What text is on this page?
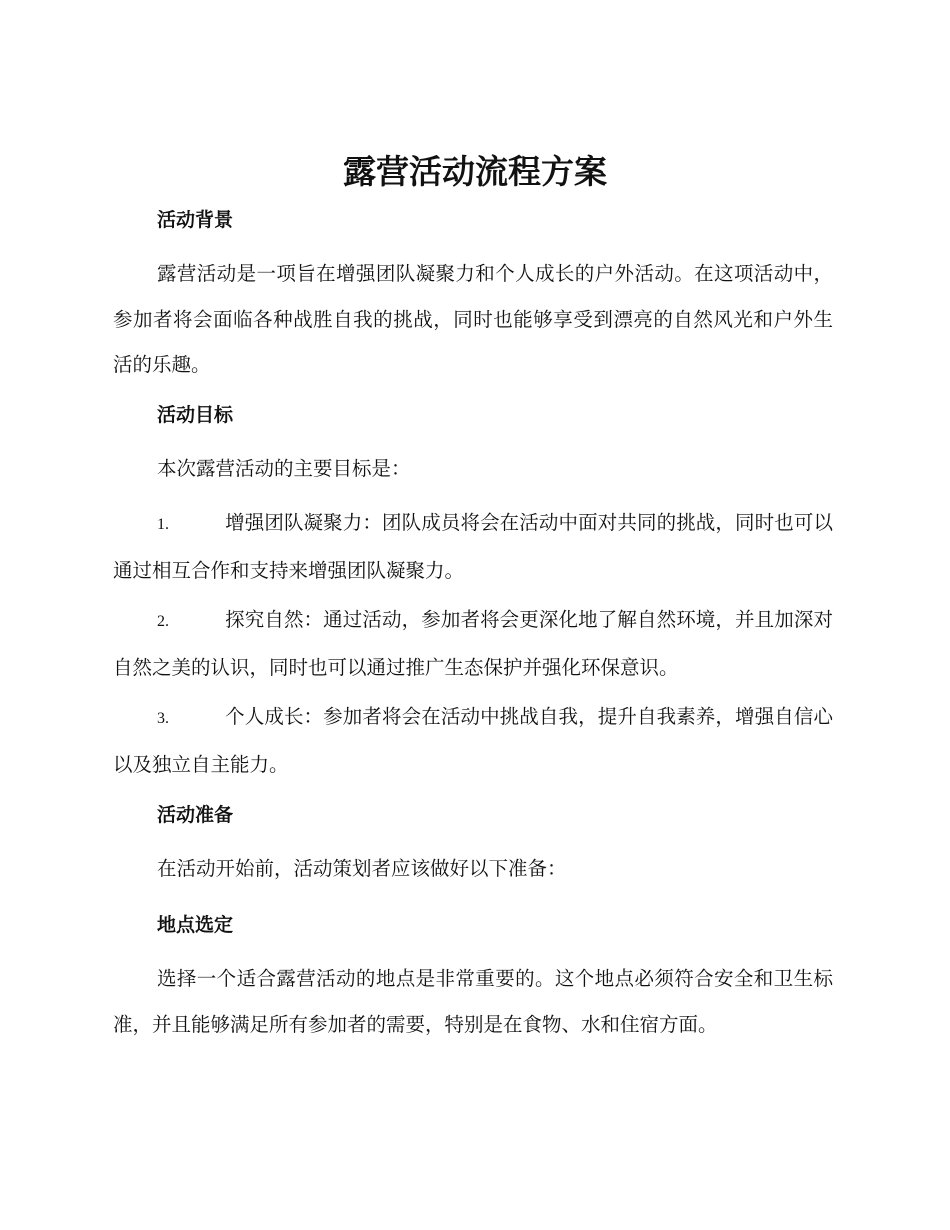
露营活动流程方案
活动背景
露营活动是一项旨在增强团队凝聚力和个人成长的户外活动。在这项活动中，参加者将会面临各种战胜自我的挑战，同时也能够享受到漂亮的自然风光和户外生活的乐趣。
活动目标
本次露营活动的主要目标是：
1.	增强团队凝聚力：团队成员将会在活动中面对共同的挑战，同时也可以通过相互合作和支持来增强团队凝聚力。
2.	探究自然：通过活动，参加者将会更深化地了解自然环境，并且加深对自然之美的认识，同时也可以通过推广生态保护并强化环保意识。
3.	个人成长：参加者将会在活动中挑战自我，提升自我素养，增强自信心以及独立自主能力。
活动准备
在活动开始前，活动策划者应该做好以下准备：
地点选定
选择一个适合露营活动的地点是非常重要的。这个地点必须符合安全和卫生标准，并且能够满足所有参加者的需要，特别是在食物、水和住宿方面。
